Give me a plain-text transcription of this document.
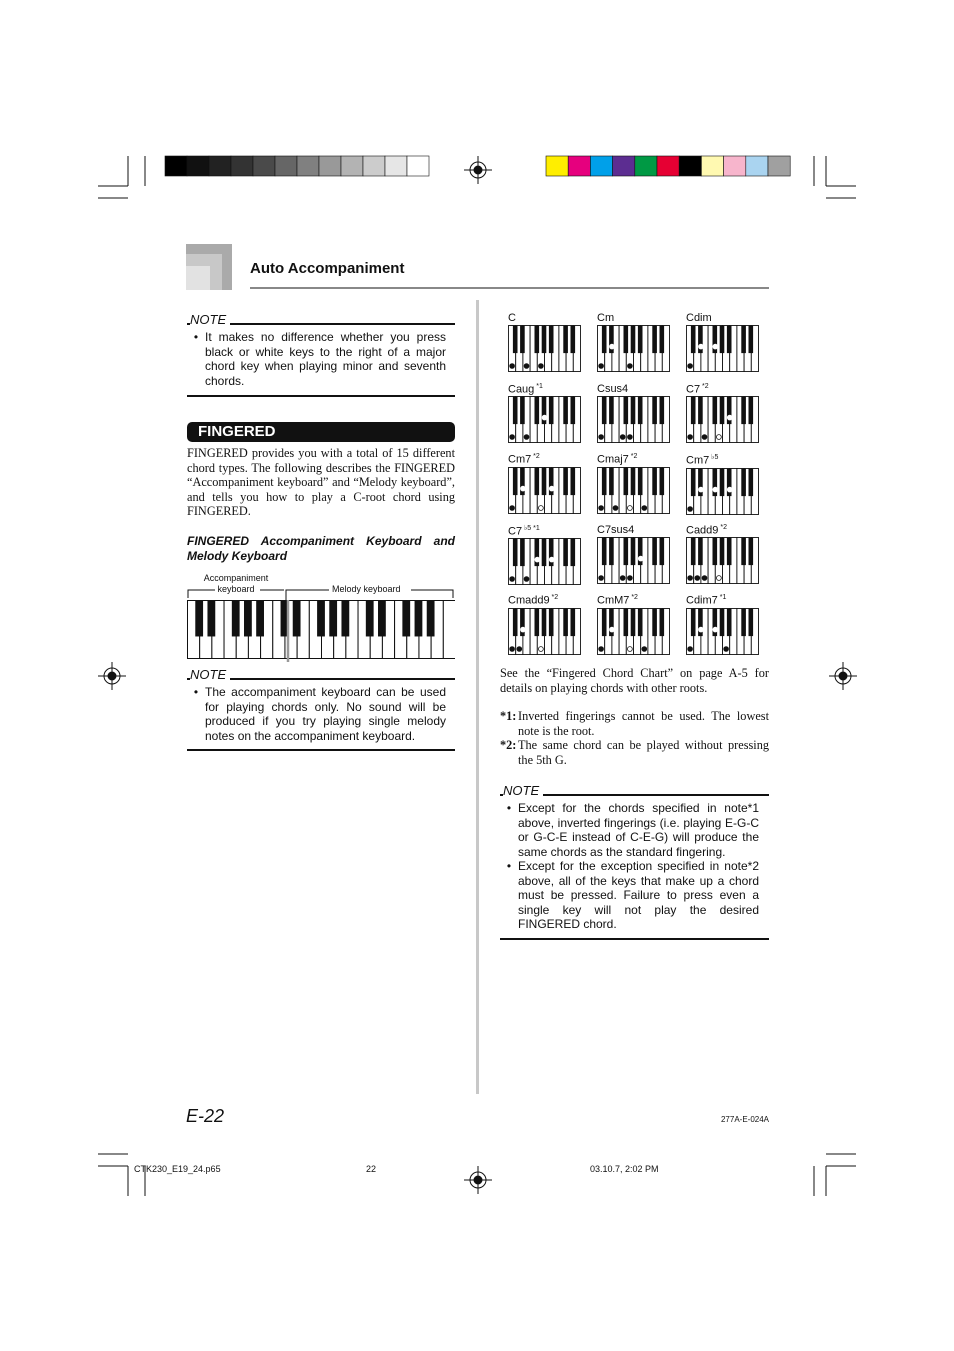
Auto Accompaniment
NOTE
• It makes no difference whether you press black or white keys to the right of a major chord key when playing minor and seventh chords.
FINGERED
FINGERED provides you with a total of 15 different chord types. The following describes the FINGERED “Accompaniment keyboard” and “Melody keyboard”, and tells you how to play a C-root chord using FINGERED.
FINGERED Accompaniment Keyboard and Melody Keyboard
Accompaniment
keyboard	Melody keyboard
NOTE
• The accompaniment keyboard can be used for playing chords only. No sound will be produced if you try playing single melody notes on the accompaniment keyboard.
C	Cm	Cdim
Caug $^{*1}$	Csus4	C7 $^{*2}$
Cm7 $^{*2}$	Cmaj7 $^{*2}$	Cm7 $^{♭5}$
C7 $^{♭5 *1}$	C7sus4	Cadd9 $^{*2}$
Cmadd9 $^{*2}$	CmM7 $^{*2}$	Cdim7 $^{*1}$
See the “Fingered Chord Chart” on page A-5 for details on playing chords with other roots.
*1: Inverted fingerings cannot be used. The lowest note is the root.
*2: The same chord can be played without pressing the 5th G.
NOTE
• Except for the chords specified in note*1 above, inverted fingerings (i.e. playing E-G-C or G-C-E instead of C-E-G) will produce the same chords as the standard fingering.
• Except for the exception specified in note*2 above, all of the keys that make up a chord must be pressed. Failure to press even a single key will not play the desired FINGERED chord.
E-22	277A-E-024A
CTK230_E19_24.p65	22	03.10.7, 2:02 PM
